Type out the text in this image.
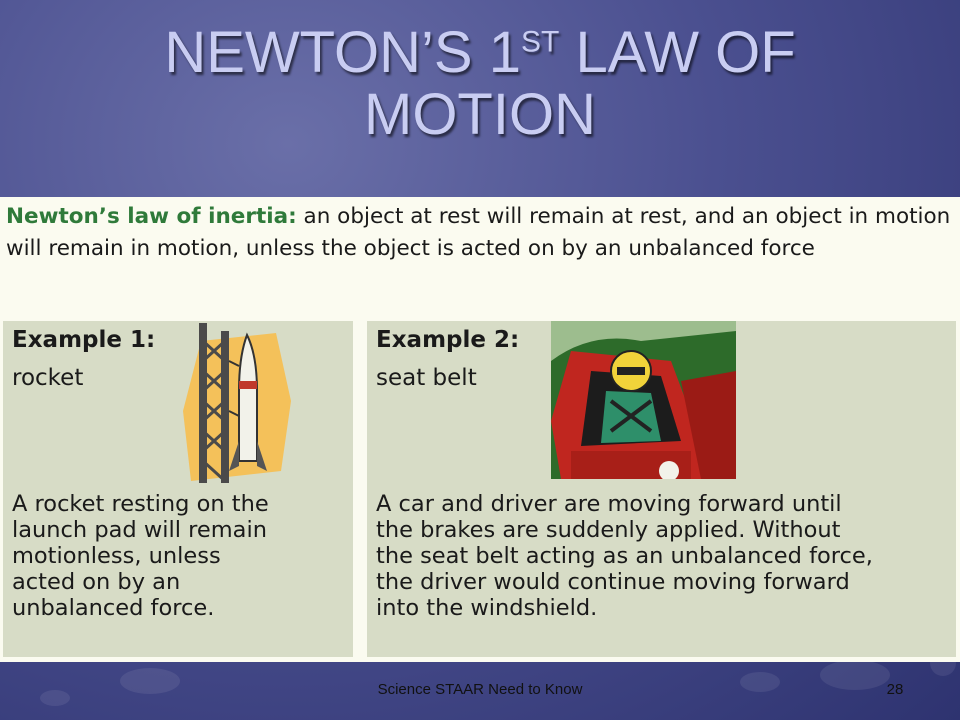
NEWTON’S 1ST LAW OF
MOTION
Newton’s law of inertia: an object at rest will remain at rest, and an object in motion will remain in motion, unless the object is acted on by an unbalanced force
Example 1:
rocket
A rocket resting on the
launch pad will remain
motionless, unless
acted on by an
unbalanced force.
Example 2:
seat belt
A car and driver are moving forward until
the brakes are suddenly applied. Without
the seat belt acting as an unbalanced force,
the driver would continue moving forward
into the windshield.
Science STAAR Need to Know	28
